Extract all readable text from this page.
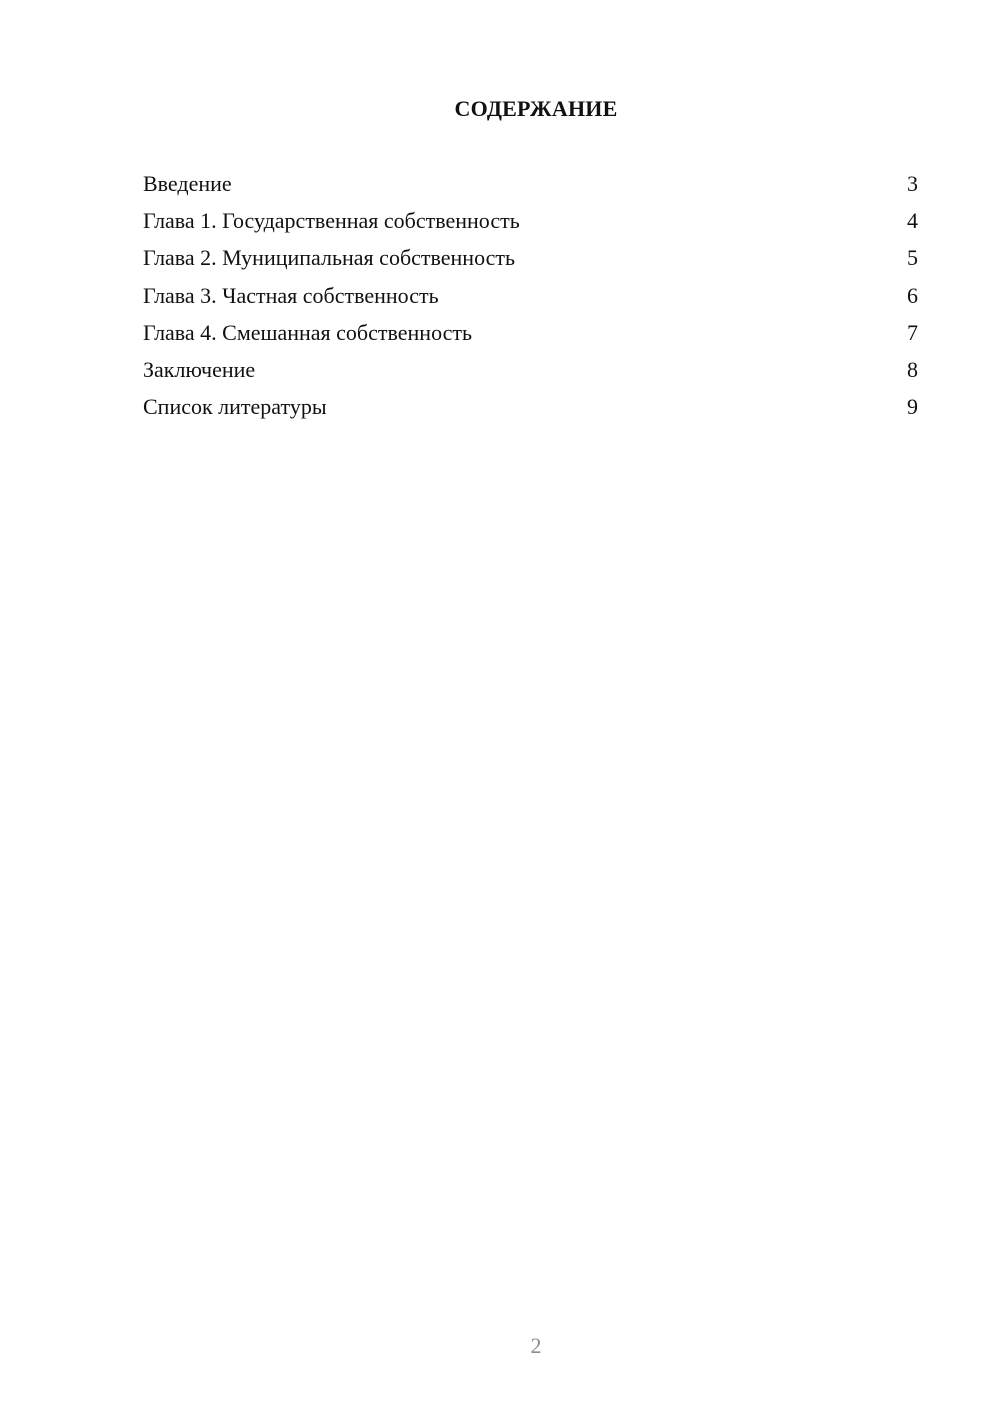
СОДЕРЖАНИЕ
Введение	3
Глава 1. Государственная собственность	4
Глава 2. Муниципальная собственность	5
Глава 3. Частная собственность	6
Глава 4. Смешанная собственность	7
Заключение	8
Список литературы	9
2
